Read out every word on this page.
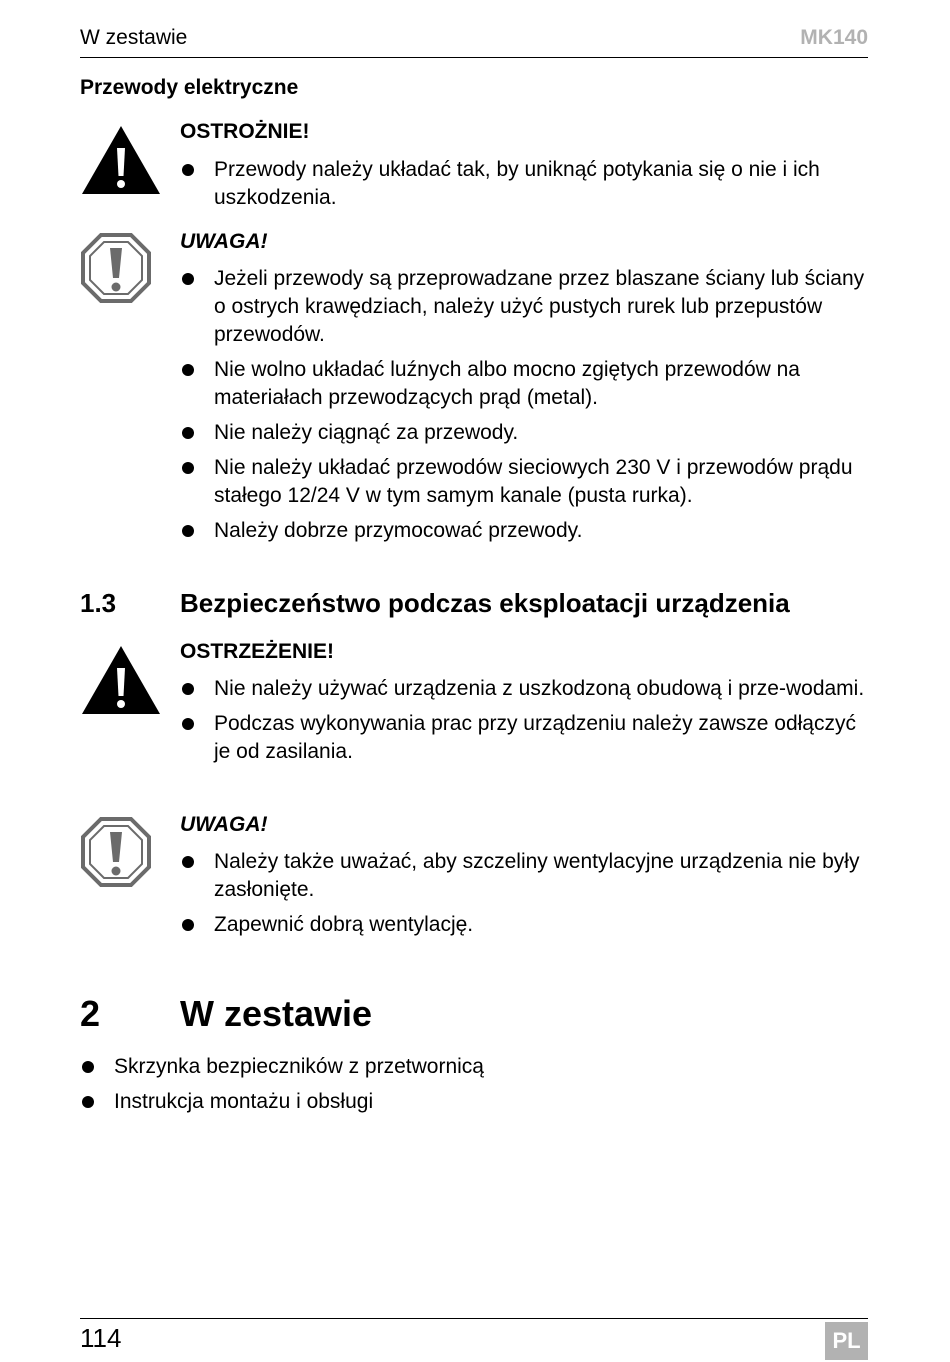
W zestawie	MK140
Przewody elektryczne
OSTROŻNIE!
Przewody należy układać tak, by uniknąć potykania się o nie i ich uszkodzenia.
UWAGA!
Jeżeli przewody są przeprowadzane przez blaszane ściany lub ściany o ostrych krawędziach, należy użyć pustych rurek lub przepustów przewodów.
Nie wolno układać luźnych albo mocno zgiętych przewodów na materiałach przewodzących prąd (metal).
Nie należy ciągnąć za przewody.
Nie należy układać przewodów sieciowych 230 V i przewodów prądu stałego 12/24 V w tym samym kanale (pusta rurka).
Należy dobrze przymocować przewody.
1.3 Bezpieczeństwo podczas eksploatacji urządzenia
OSTRZEŻENIE!
Nie należy używać urządzenia z uszkodzoną obudową i prze-wodami.
Podczas wykonywania prac przy urządzeniu należy zawsze odłączyć je od zasilania.
UWAGA!
Należy także uważać, aby szczeliny wentylacyjne urządzenia nie były zasłonięte.
Zapewnić dobrą wentylację.
2 W zestawie
Skrzynka bezpieczników z przetwornicą
Instrukcja montażu i obsługi
114	PL
